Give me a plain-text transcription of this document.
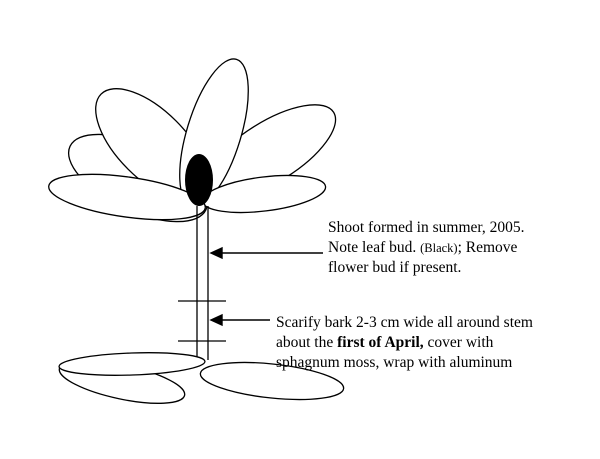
Shoot formed in summer, 2005.
Note leaf bud. (Black); Remove
flower bud if present.
Scarify bark 2-3 cm wide all around stem
about the first of April, cover with
sphagnum moss, wrap with aluminum
